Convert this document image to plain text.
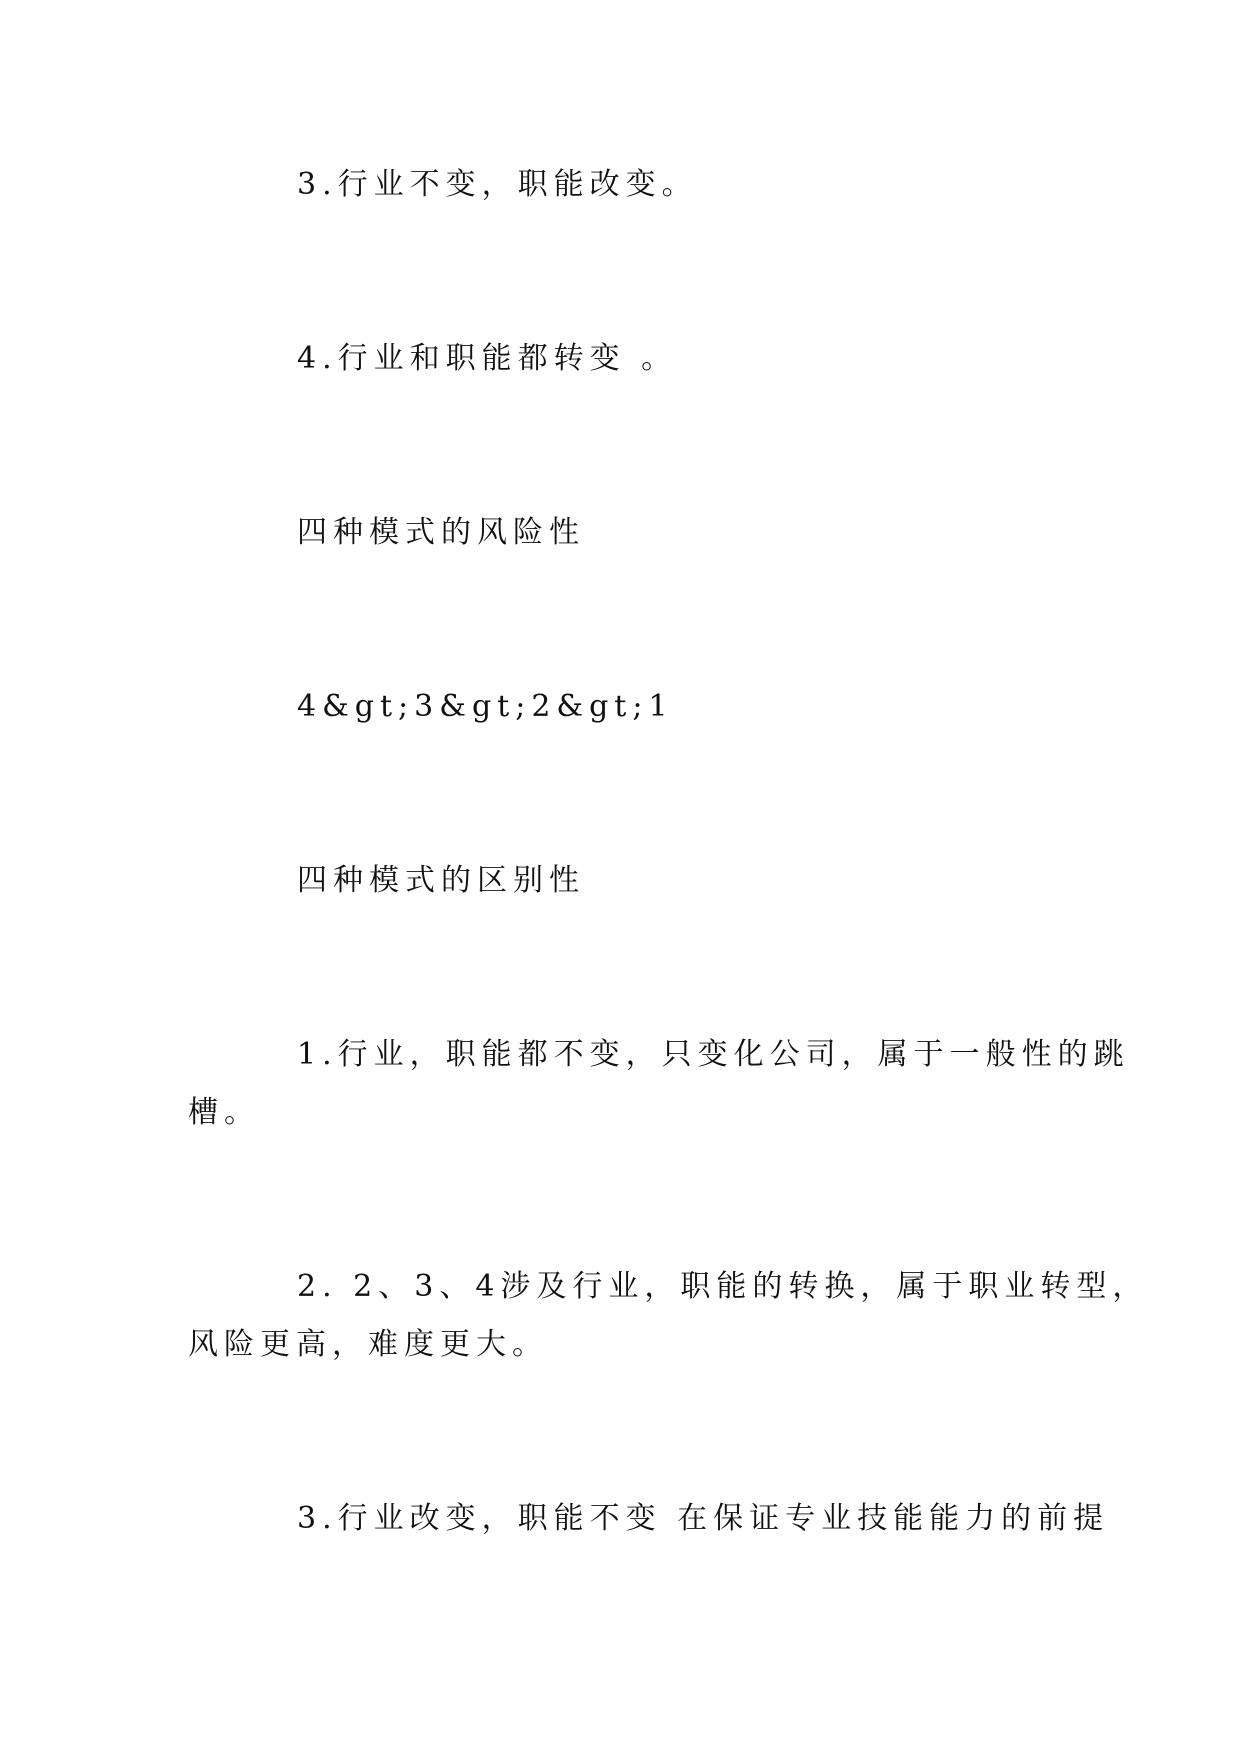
3.行业不变，职能改变。
4.行业和职能都转变 。
四种模式的风险性
4&gt;3&gt;2&gt;1
四种模式的区别性
1.行业，职能都不变，只变化公司，属于一般性的跳
槽。
2. 2、3、4涉及行业，职能的转换，属于职业转型，
风险更高，难度更大。
3.行业改变，职能不变 在保证专业技能能力的前提
